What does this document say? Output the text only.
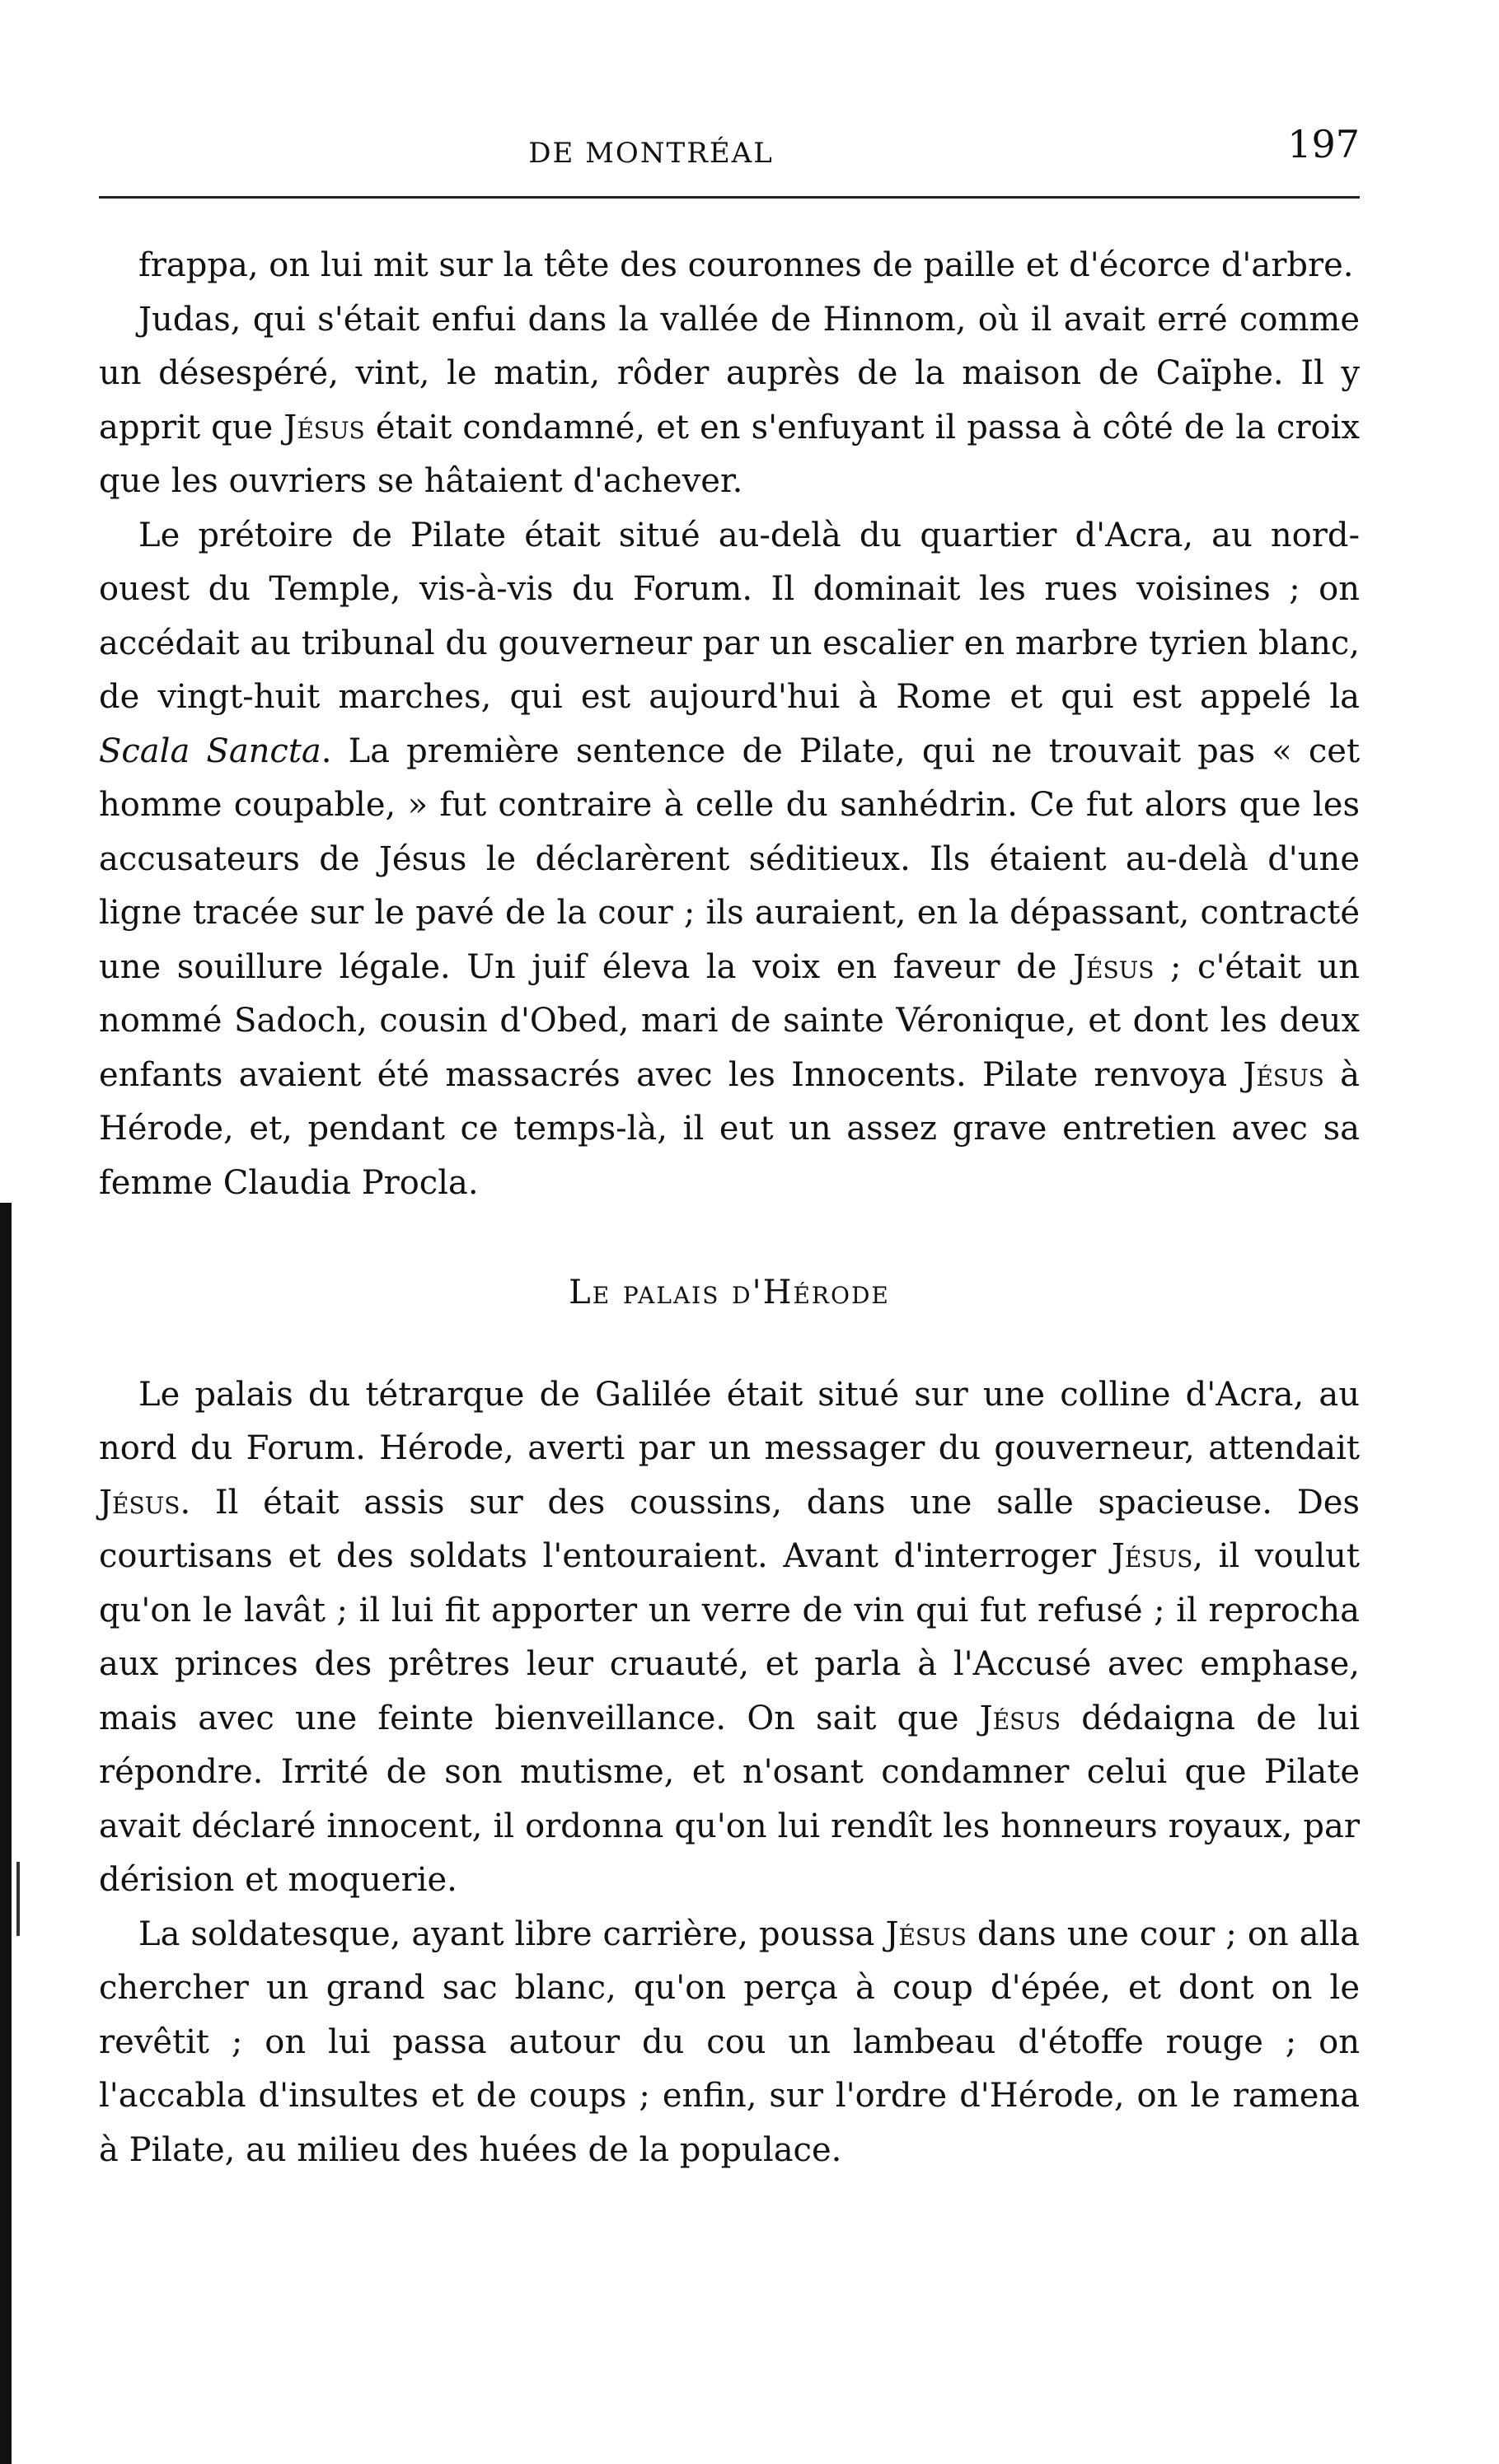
DE MONTRÉAL	197

frappa, on lui mit sur la tête des couronnes de paille et d'écorce d'arbre.

Judas, qui s'était enfui dans la vallée de Hinnom, où il avait erré comme un désespéré, vint, le matin, rôder auprès de la maison de Caïphe. Il y apprit que Jésus était condamné, et en s'enfuyant il passa à côté de la croix que les ouvriers se hâtaient d'achever.

Le prétoire de Pilate était situé au-delà du quartier d'Acra, au nord-ouest du Temple, vis-à-vis du Forum. Il dominait les rues voisines ; on accédait au tribunal du gouverneur par un escalier en marbre tyrien blanc, de vingt-huit marches, qui est aujourd'hui à Rome et qui est appelé la Scala Sancta. La première sentence de Pilate, qui ne trouvait pas « cet homme coupable, » fut contraire à celle du sanhédrin. Ce fut alors que les accusateurs de Jésus le déclarèrent séditieux. Ils étaient au-delà d'une ligne tracée sur le pavé de la cour ; ils auraient, en la dépassant, contracté une souillure légale. Un juif éleva la voix en faveur de Jésus ; c'était un nommé Sadoch, cousin d'Obed, mari de sainte Véronique, et dont les deux enfants avaient été massacrés avec les Innocents. Pilate renvoya Jésus à Hérode, et, pendant ce temps-là, il eut un assez grave entretien avec sa femme Claudia Procla.

Le palais d'Hérode

Le palais du tétrarque de Galilée était situé sur une colline d'Acra, au nord du Forum. Hérode, averti par un messager du gouverneur, attendait Jésus. Il était assis sur des coussins, dans une salle spacieuse. Des courtisans et des soldats l'entouraient. Avant d'interroger Jésus, il voulut qu'on le lavât ; il lui fit apporter un verre de vin qui fut refusé ; il reprocha aux princes des prêtres leur cruauté, et parla à l'Accusé avec emphase, mais avec une feinte bienveillance. On sait que Jésus dédaigna de lui répondre. Irrité de son mutisme, et n'osant condamner celui que Pilate avait déclaré innocent, il ordonna qu'on lui rendît les honneurs royaux, par dérision et moquerie.

La soldatesque, ayant libre carrière, poussa Jésus dans une cour ; on alla chercher un grand sac blanc, qu'on perça à coup d'épée, et dont on le revêtit ; on lui passa autour du cou un lambeau d'étoffe rouge ; on l'accabla d'insultes et de coups ; enfin, sur l'ordre d'Hérode, on le ramena à Pilate, au milieu des huées de la populace.
